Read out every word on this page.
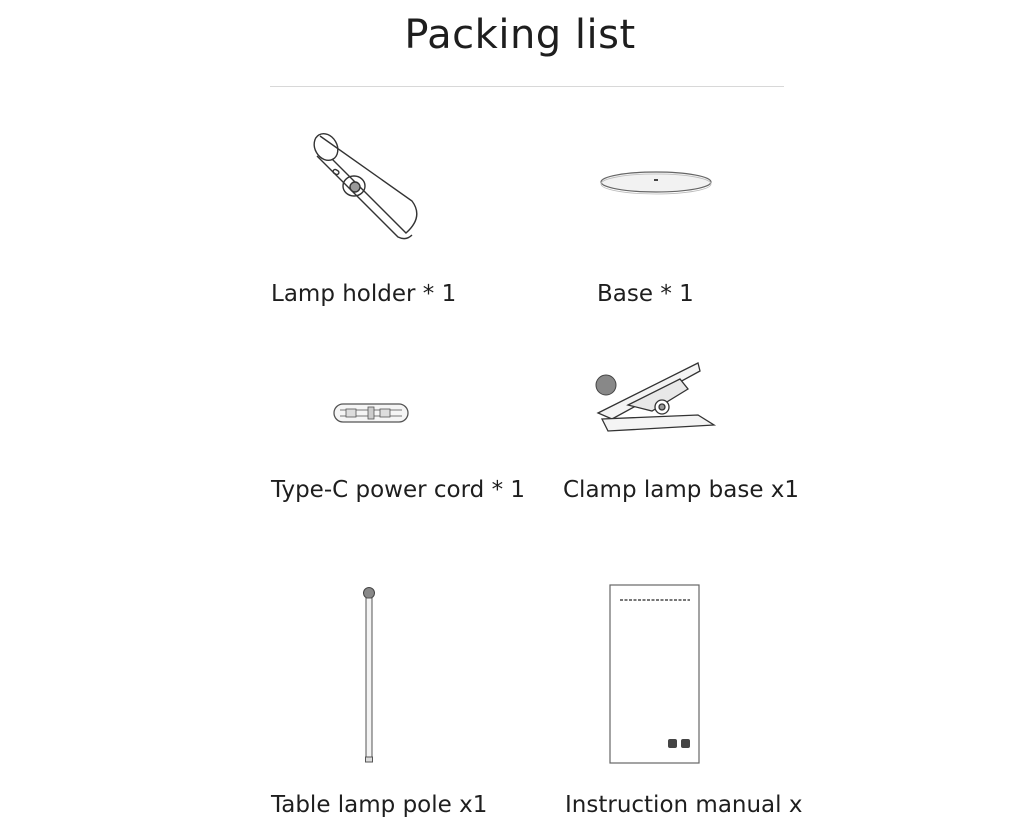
Packing list
Lamp holder * 1	Base * 1
Type-C power cord * 1 Clamp lamp base x1
Table lamp pole x1	Instruction manual x
